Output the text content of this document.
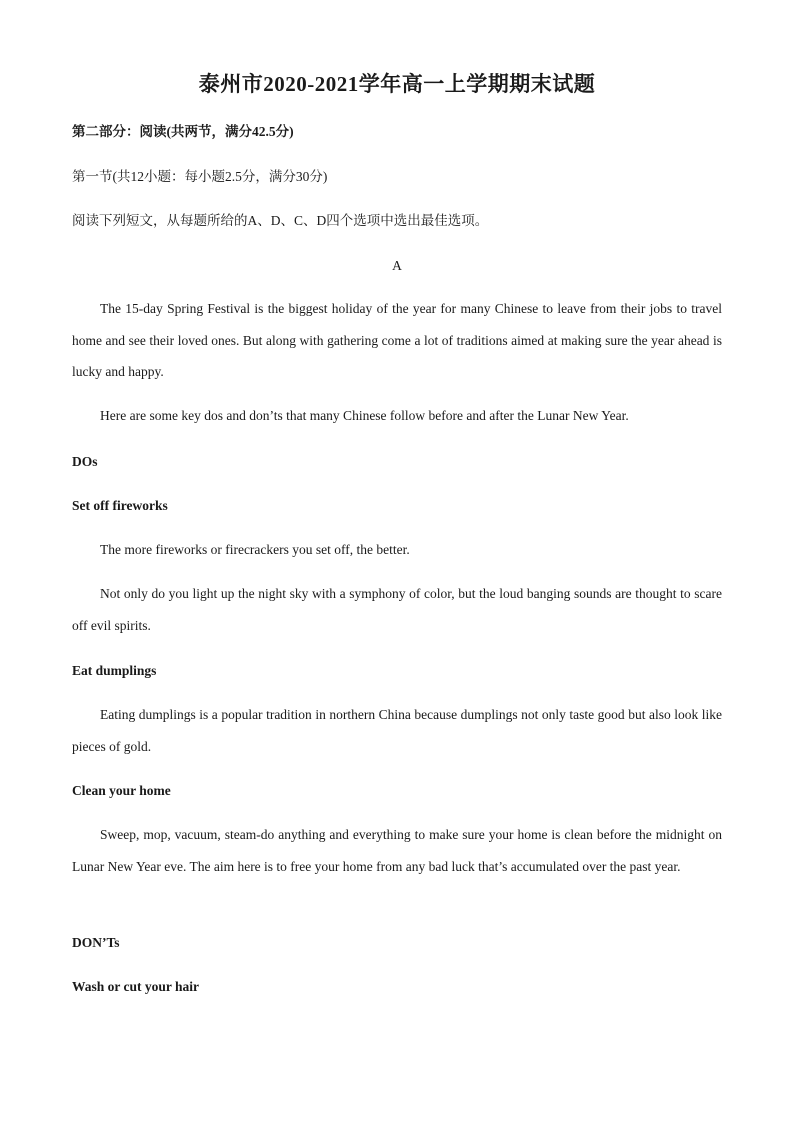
泰州市2020-2021学年高一上学期期末试题
第二部分：阅读(共两节，满分42.5分)
第一节(共12小题：每小题2.5分，满分30分)
阅读下列短文，从每题所给的A、D、C、D四个选项中选出最佳选项。
A
The 15-day Spring Festival is the biggest holiday of the year for many Chinese to leave from their jobs to travel home and see their loved ones. But along with gathering come a lot of traditions aimed at making sure the year ahead is lucky and happy.
Here are some key dos and don’ts that many Chinese follow before and after the Lunar New Year.
DOs
Set off fireworks
The more fireworks or firecrackers you set off, the better.
Not only do you light up the night sky with a symphony of color, but the loud banging sounds are thought to scare off evil spirits.
Eat dumplings
Eating dumplings is a popular tradition in northern China because dumplings not only taste good but also look like pieces of gold.
Clean your home
Sweep, mop, vacuum, steam-do anything and everything to make sure your home is clean before the midnight on Lunar New Year eve. The aim here is to free your home from any bad luck that’s accumulated over the past year.
DON’Ts
Wash or cut your hair
